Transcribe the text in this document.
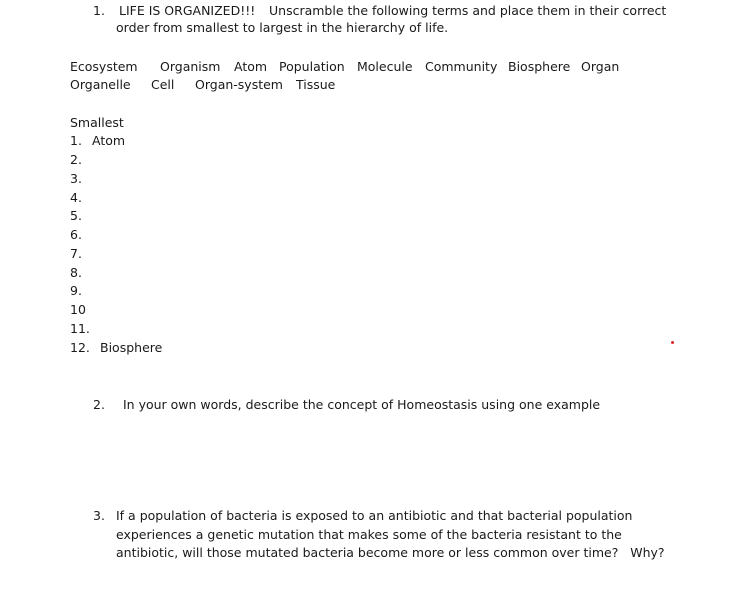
1. LIFE IS ORGANIZED!!! Unscramble the following terms and place them in their correct
order from smallest to largest in the hierarchy of life.
Ecosystem Organism Atom Population Molecule Community Biosphere Organ
Organelle Cell Organ-system Tissue
Smallest
1. Atom
2.
3.
4.
5.
6.
7.
8.
9.
10
11.
12. Biosphere
2. In your own words, describe the concept of Homeostasis using one example
3. If a population of bacteria is exposed to an antibiotic and that bacterial population
experiences a genetic mutation that makes some of the bacteria resistant to the
antibiotic, will those mutated bacteria become more or less common over time?   Why?
